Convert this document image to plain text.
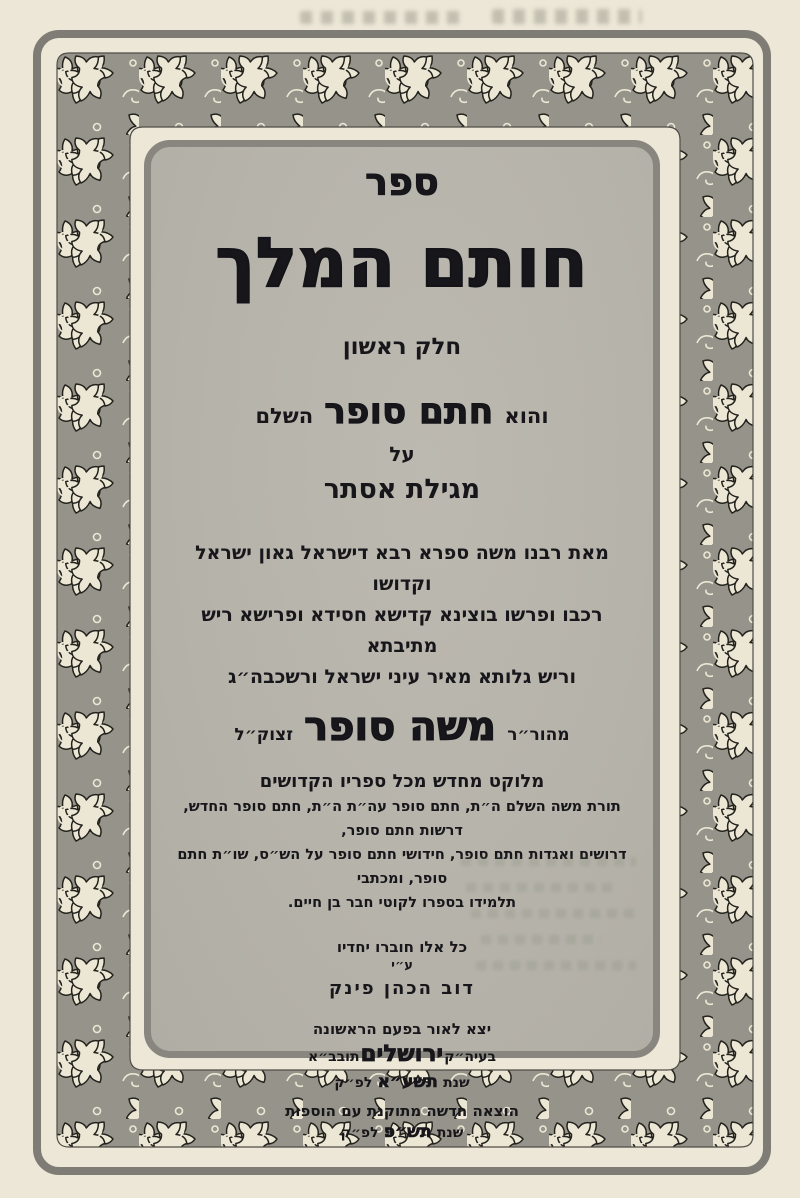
ספר
חותם המלך
חלק ראשון
והוא חתם סופר השלם
על
מגילת אסתר
מאת רבנו משה ספרא רבא דישראל גאון ישראל וקדושו
רכבו ופרשו בוצינא קדישא חסידא ופרישא ריש מתיבתא
וריש גלותא מאיר עיני ישראל ורשכבה״ג
מהור״ר משה סופר זצוק״ל
מלוקט מחדש מכל ספריו הקדושים
תורת משה השלם ה״ת, חתם סופר עה״ת ה״ת, חתם סופר החדש, דרשות חתם סופר,
דרושים ואגדות חתם סופר, חידושי חתם סופר על הש״ס, שו״ת חתם סופר, ומכתבי
תלמידו בספרו לקוטי חבר בן חיים.
כל אלו חוברו יחדיו
ע״י
דוב הכהן פינק
יצא לאור בפעם הראשונה
בעיה״קירושליםתובב״א
שנת תשע״א לפ״ק
הוצאה חדשה מתוקנת עם הוספות
שנת תש״פ לפ״ק
